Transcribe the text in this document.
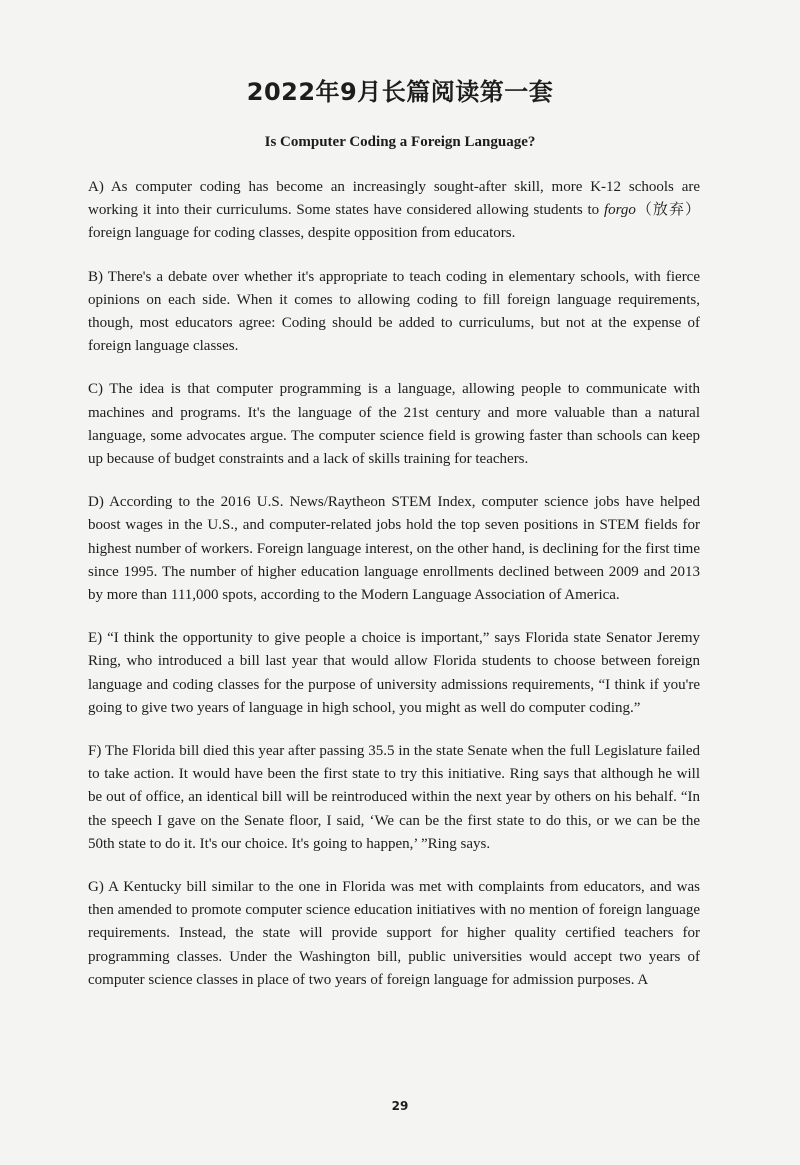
2022年9月长篇阅读第一套
Is Computer Coding a Foreign Language?

A) As computer coding has become an increasingly sought-after skill, more K-12 schools are working it into their curriculums. Some states have considered allowing students to forgo（放弃）foreign language for coding classes, despite opposition from educators.

B) There's a debate over whether it's appropriate to teach coding in elementary schools, with fierce opinions on each side. When it comes to allowing coding to fill foreign language requirements, though, most educators agree: Coding should be added to curriculums, but not at the expense of foreign language classes.

C) The idea is that computer programming is a language, allowing people to communicate with machines and programs. It's the language of the 21st century and more valuable than a natural language, some advocates argue. The computer science field is growing faster than schools can keep up because of budget constraints and a lack of skills training for teachers.

D) According to the 2016 U.S. News/Raytheon STEM Index, computer science jobs have helped boost wages in the U.S., and computer-related jobs hold the top seven positions in STEM fields for highest number of workers. Foreign language interest, on the other hand, is declining for the first time since 1995. The number of higher education language enrollments declined between 2009 and 2013 by more than 111,000 spots, according to the Modern Language Association of America.

E) “I think the opportunity to give people a choice is important,” says Florida state Senator Jeremy Ring, who introduced a bill last year that would allow Florida students to choose between foreign language and coding classes for the purpose of university admissions requirements, “I think if you're going to give two years of language in high school, you might as well do computer coding.”

F) The Florida bill died this year after passing 35.5 in the state Senate when the full Legislature failed to take action. It would have been the first state to try this initiative. Ring says that although he will be out of office, an identical bill will be reintroduced within the next year by others on his behalf. “In the speech I gave on the Senate floor, I said, ‘We can be the first state to do this, or we can be the 50th state to do it. It's our choice. It's going to happen,’ ”Ring says.

G) A Kentucky bill similar to the one in Florida was met with complaints from educators, and was then amended to promote computer science education initiatives with no mention of foreign language requirements. Instead, the state will provide support for higher quality certified teachers for programming classes. Under the Washington bill, public universities would accept two years of computer science classes in place of two years of foreign language for admission purposes. A

29
